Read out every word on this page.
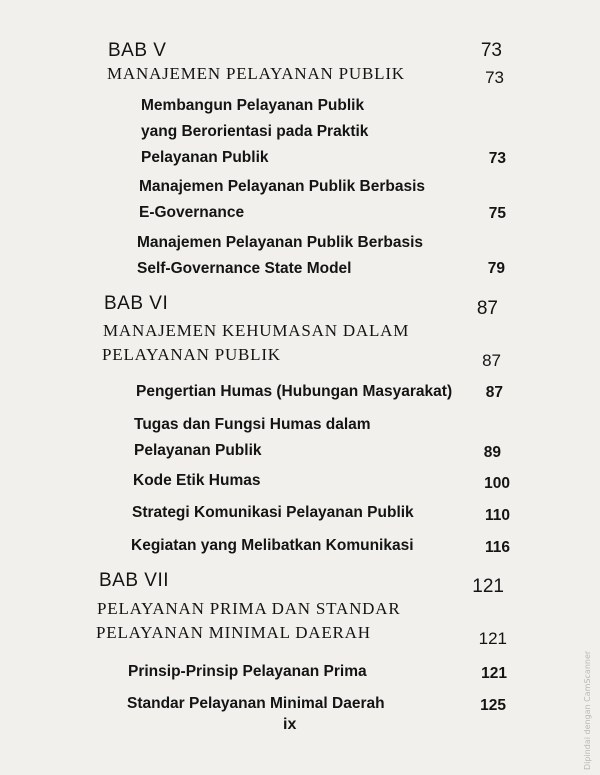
BAB V	73
MANAJEMEN PELAYANAN PUBLIK	73
Membangun Pelayanan Publik
yang Berorientasi pada Praktik
Pelayanan Publik	73
Manajemen Pelayanan Publik Berbasis
E-Governance	75
Manajemen Pelayanan Publik Berbasis
Self-Governance State Model	79
BAB VI	87
MANAJEMEN KEHUMASAN DALAM
PELAYANAN PUBLIK	87
Pengertian Humas (Hubungan Masyarakat)	87
Tugas dan Fungsi Humas dalam
Pelayanan Publik	89
Kode Etik Humas	100
Strategi Komunikasi Pelayanan Publik	110
Kegiatan yang Melibatkan Komunikasi	116
BAB VII	121
PELAYANAN PRIMA DAN STANDAR
PELAYANAN MINIMAL DAERAH	121
Prinsip-Prinsip Pelayanan Prima	121
Standar Pelayanan Minimal Daerah	125
ix	Dipindai dengan CamScanner
